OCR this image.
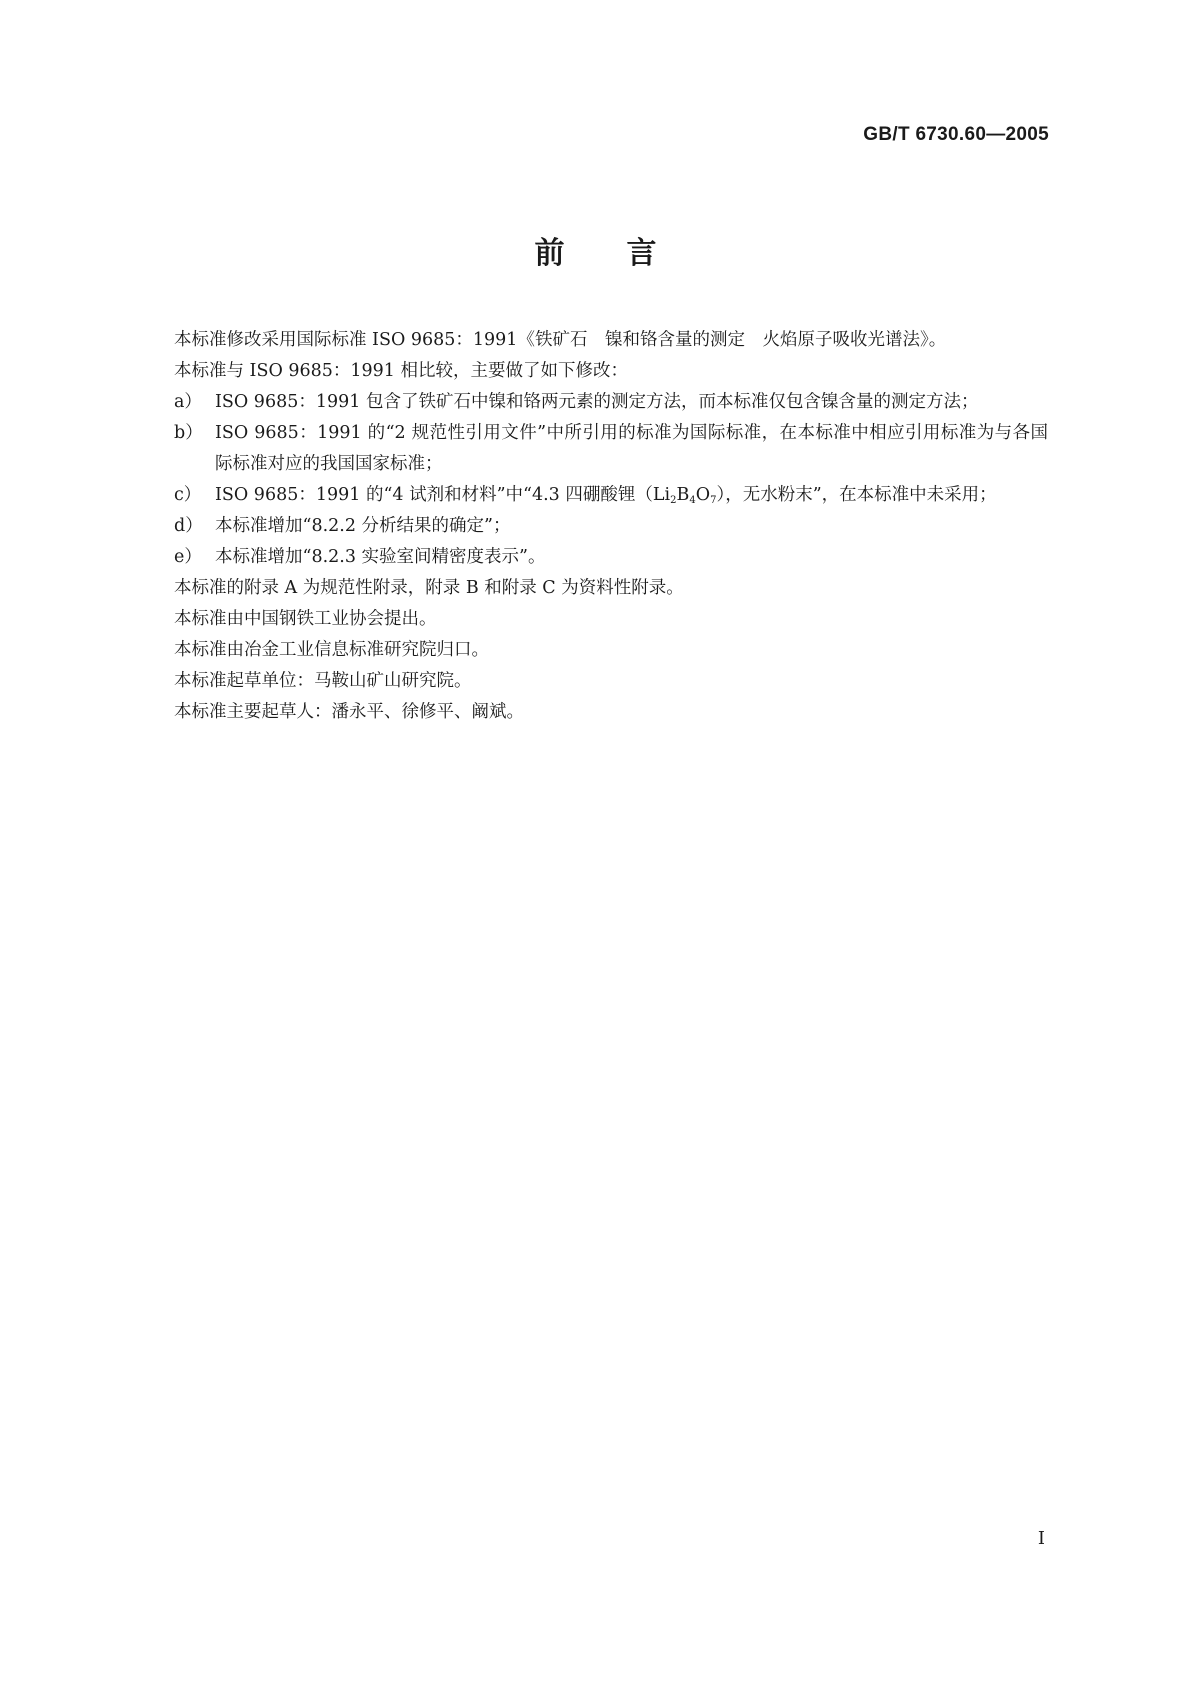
GB/T 6730.60—2005
前言

本标准修改采用国际标准 ISO 9685：1991《铁矿石　镍和铬含量的测定　火焰原子吸收光谱法》。

本标准与 ISO 9685：1991 相比较，主要做了如下修改：

a） ISO 9685：1991 包含了铁矿石中镍和铬两元素的测定方法，而本标准仅包含镍含量的测定方法；
b） ISO 9685：1991 的“2 规范性引用文件”中所引用的标准为国际标准，在本标准中相应引用标准为与各国际标准对应的我国国家标准；
c） ISO 9685：1991 的“4 试剂和材料”中“4.3 四硼酸锂$(Li_2B_4O_7)$，无水粉末”，在本标准中未采用；
d） 本标准增加“8.2.2 分析结果的确定”；
e） 本标准增加“8.2.3 实验室间精密度表示”。

本标准的附录 A 为规范性附录，附录 B 和附录 C 为资料性附录。

本标准由中国钢铁工业协会提出。

本标准由冶金工业信息标准研究院归口。

本标准起草单位：马鞍山矿山研究院。

本标准主要起草人：潘永平、徐修平、阚斌。

I
